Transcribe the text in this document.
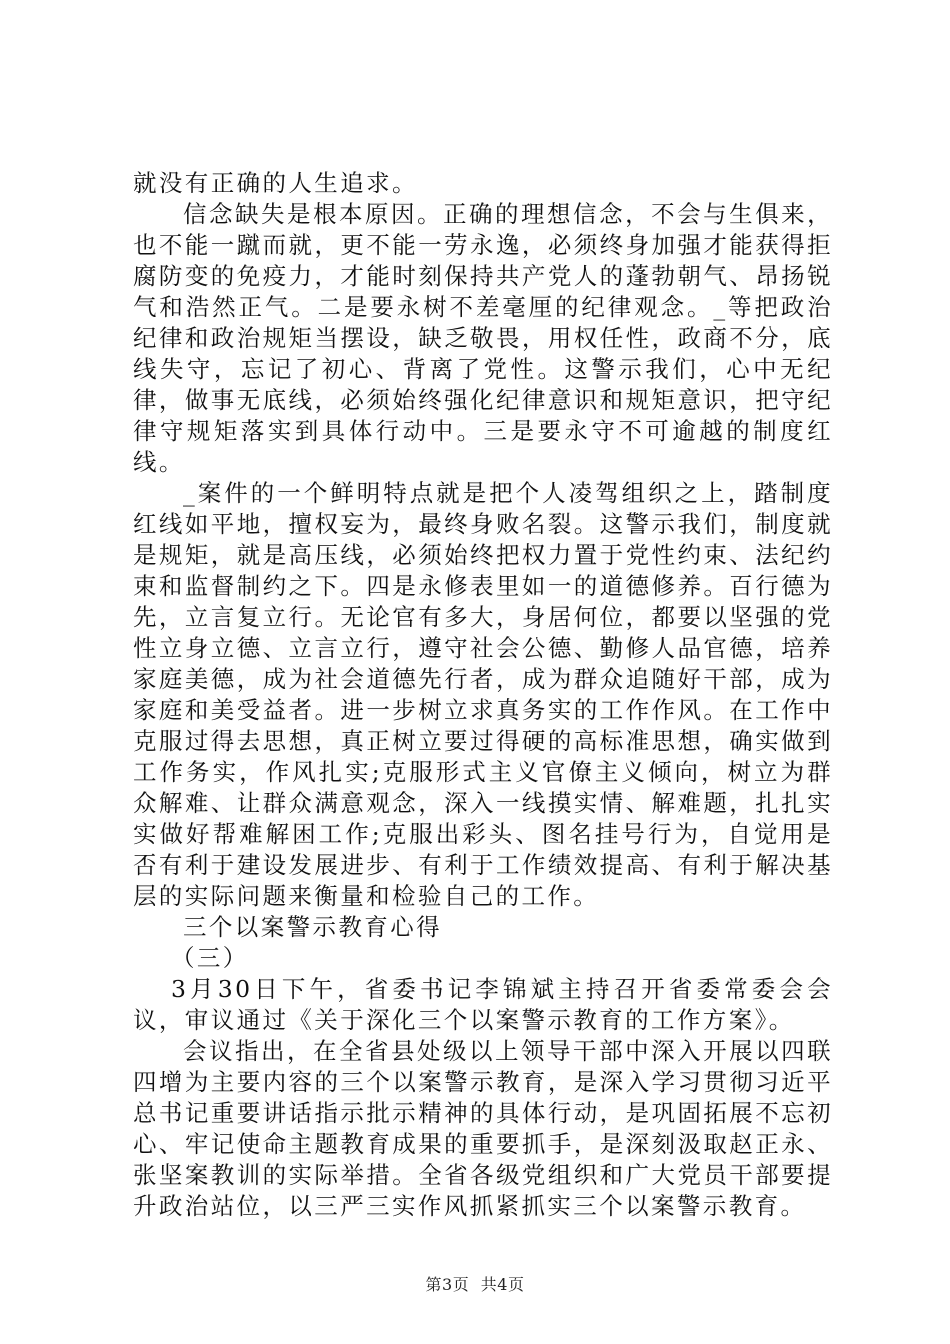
就没有正确的人生追求。

信念缺失是根本原因。正确的理想信念，不会与生俱来，也不能一蹴而就，更不能一劳永逸，必须终身加强才能获得拒腐防变的免疫力，才能时刻保持共产党人的蓬勃朝气、昂扬锐气和浩然正气。二是要永树不差毫厘的纪律观念。_等把政治纪律和政治规矩当摆设，缺乏敬畏，用权任性，政商不分，底线失守，忘记了初心、背离了党性。这警示我们，心中无纪律，做事无底线，必须始终强化纪律意识和规矩意识，把守纪律守规矩落实到具体行动中。三是要永守不可逾越的制度红线。

_案件的一个鲜明特点就是把个人凌驾组织之上，踏制度红线如平地，擅权妄为，最终身败名裂。这警示我们，制度就是规矩，就是高压线，必须始终把权力置于党性约束、法纪约束和监督制约之下。四是永修表里如一的道德修养。百行德为先，立言复立行。无论官有多大，身居何位，都要以坚强的党性立身立德、立言立行，遵守社会公德、勤修人品官德，培养家庭美德，成为社会道德先行者，成为群众追随好干部，成为家庭和美受益者。进一步树立求真务实的工作作风。在工作中克服过得去思想，真正树立要过得硬的高标准思想，确实做到工作务实，作风扎实;克服形式主义官僚主义倾向，树立为群众解难、让群众满意观念，深入一线摸实情、解难题，扎扎实实做好帮难解困工作;克服出彩头、图名挂号行为，自觉用是否有利于建设发展进步、有利于工作绩效提高、有利于解决基层的实际问题来衡量和检验自己的工作。

三个以案警示教育心得

（三）

3月30日下午，省委书记李锦斌主持召开省委常委会会议，审议通过《关于深化三个以案警示教育的工作方案》。

会议指出，在全省县处级以上领导干部中深入开展以四联四增为主要内容的三个以案警示教育，是深入学习贯彻习近平总书记重要讲话指示批示精神的具体行动，是巩固拓展不忘初心、牢记使命主题教育成果的重要抓手，是深刻汲取赵正永、张坚案教训的实际举措。全省各级党组织和广大党员干部要提升政治站位，以三严三实作风抓紧抓实三个以案警示教育。

第3页 共4页
